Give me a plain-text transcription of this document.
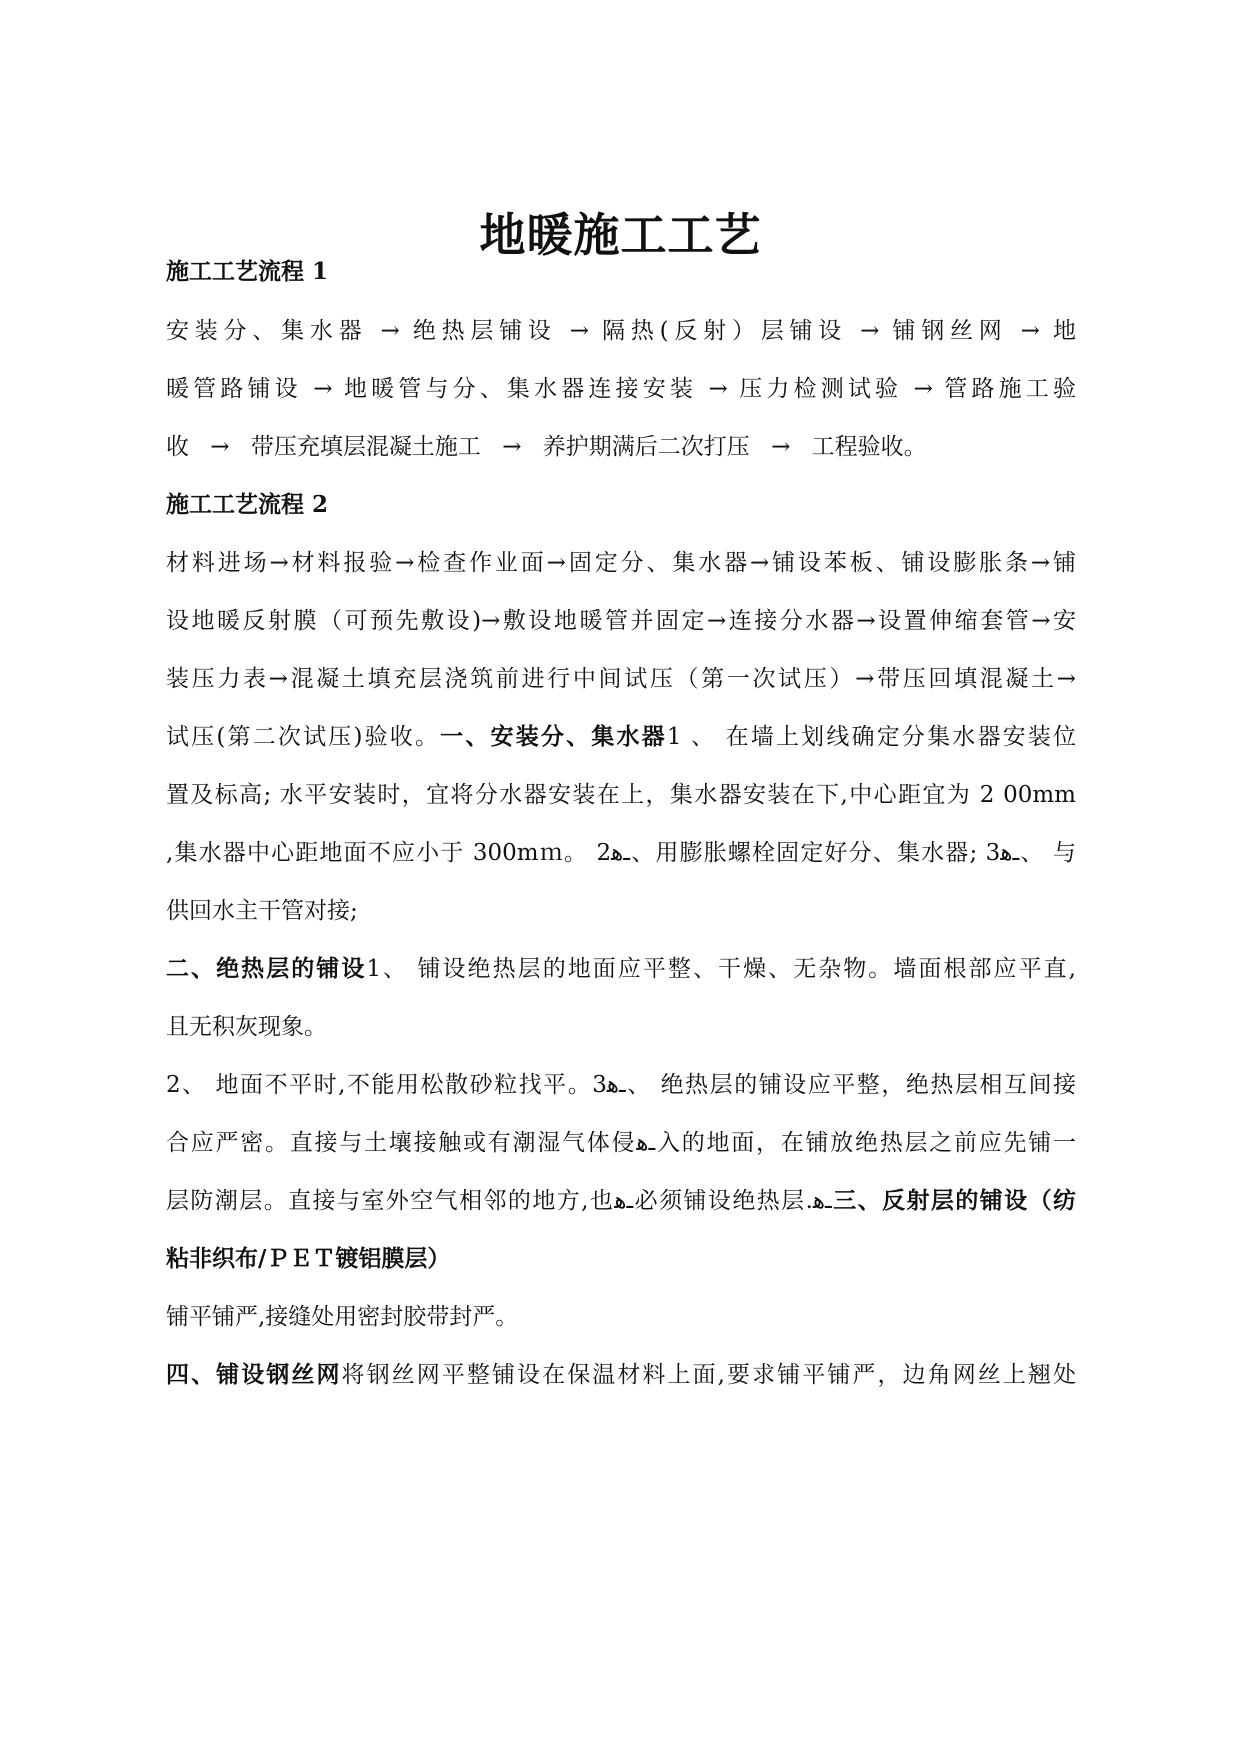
地暖施工工艺
施工工艺流程 1
安装分、集水器 → 绝热层铺设 → 隔热(反射）层铺设 → 铺钢丝网 → 地
暖管路铺设 → 地暖管与分、集水器连接安装 → 压力检测试验 → 管路施工验
收 → 带压充填层混凝土施工 → 养护期满后二次打压 → 工程验收。
施工工艺流程 2
材料进场→材料报验→检查作业面→固定分、集水器→铺设苯板、铺设膨胀条→铺
设地暖反射膜（可预先敷设)→敷设地暖管并固定→连接分水器→设置伸缩套管→安
装压力表→混凝土填充层浇筑前进行中间试压（第一次试压）→带压回填混凝土→
试压(第二次试压)验收。一、安装分、集水器1 、 在墙上划线确定分集水器安装位
置及标高; 水平安装时，宜将分水器安装在上，集水器安装在下,中心距宜为 2 00mm
,集水器中心距地面不应小于 300mｍ。 2ـﻫ、用膨胀螺栓固定好分、集水器; 3ـﻫ、 与
供回水主干管对接;
二、绝热层的铺设1、 铺设绝热层的地面应平整、干燥、无杂物。墙面根部应平直,
且无积灰现象。
2、 地面不平时,不能用松散砂粒找平。3ـﻫ、 绝热层的铺设应平整，绝热层相互间接
合应严密。直接与土壤接触或有潮湿气体侵ـﻫ入的地面，在铺放绝热层之前应先铺一
层防潮层。直接与室外空气相邻的地方,也ـﻫ必须铺设绝热层.ـﻫ三、反射层的铺设（纺
粘非织布/ＰＥＴ镀铝膜层）
铺平铺严,接缝处用密封胶带封严。
四、铺设钢丝网将钢丝网平整铺设在保温材料上面,要求铺平铺严，边角网丝上翘处
